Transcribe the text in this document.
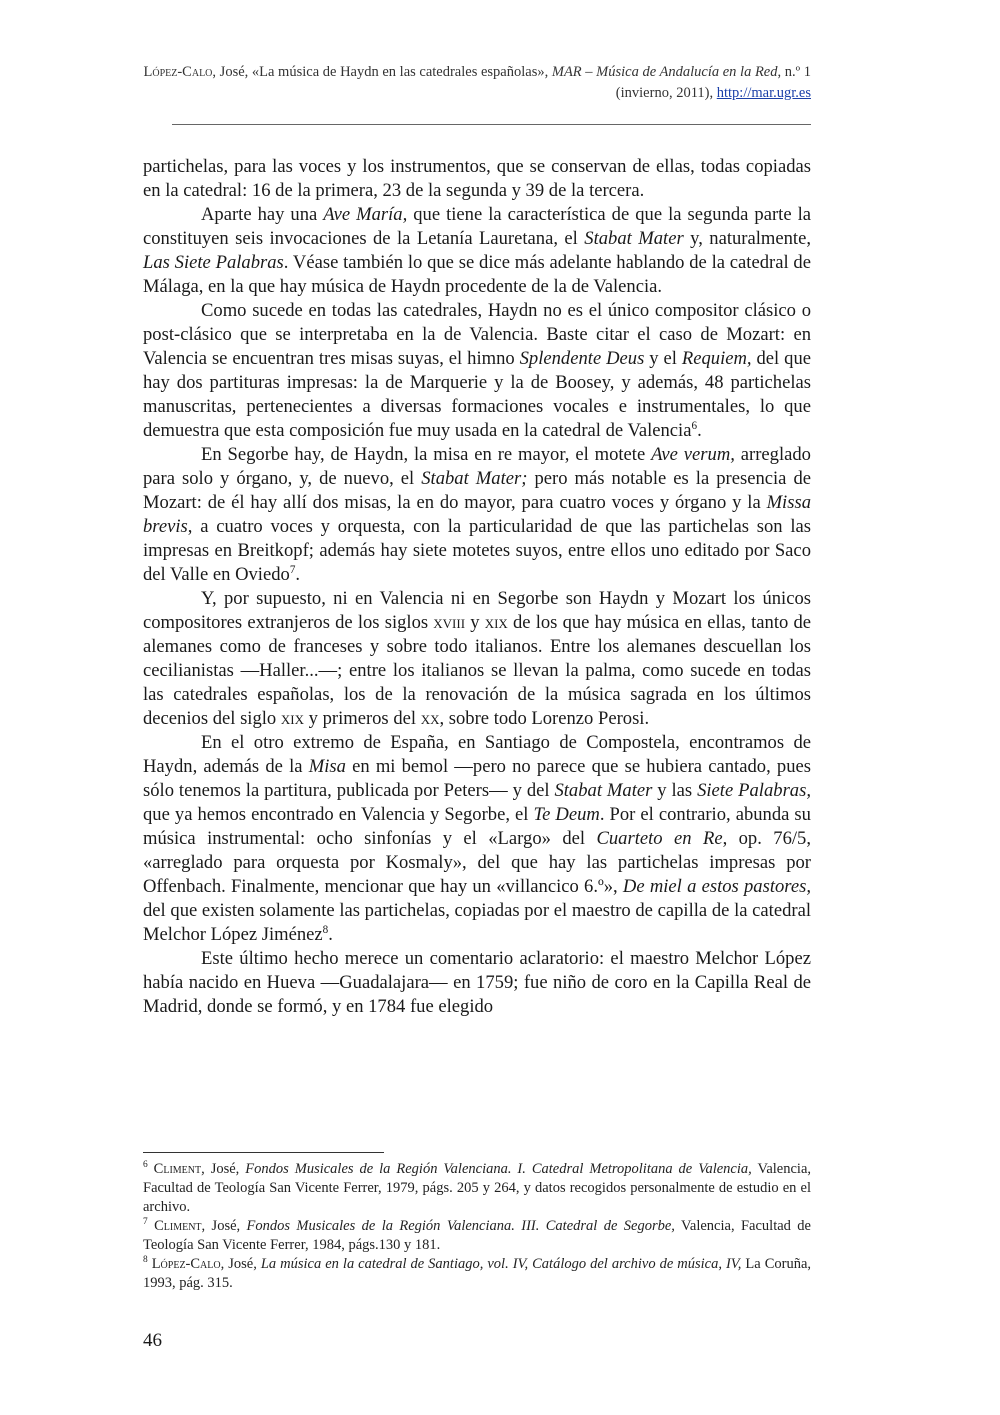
López-Calo, José, «La música de Haydn en las catedrales españolas», MAR – Música de Andalucía en la Red, n.º 1 (invierno, 2011), http://mar.ugr.es

partichelas, para las voces y los instrumentos, que se conservan de ellas, todas copiadas en la catedral: 16 de la primera, 23 de la segunda y 39 de la tercera.

Aparte hay una Ave María, que tiene la característica de que la segunda parte la constituyen seis invocaciones de la Letanía Lauretana, el Stabat Mater y, naturalmente, Las Siete Palabras. Véase también lo que se dice más adelante hablando de la catedral de Málaga, en la que hay música de Haydn procedente de la de Valencia.

Como sucede en todas las catedrales, Haydn no es el único compositor clásico o post-clásico que se interpretaba en la de Valencia. Baste citar el caso de Mozart: en Valencia se encuentran tres misas suyas, el himno Splendente Deus y el Requiem, del que hay dos partituras impresas: la de Marquerie y la de Boosey, y además, 48 partichelas manuscritas, pertenecientes a diversas formaciones vocales e instrumentales, lo que demuestra que esta composición fue muy usada en la catedral de Valencia$^6$.

En Segorbe hay, de Haydn, la misa en re mayor, el motete Ave verum, arreglado para solo y órgano, y, de nuevo, el Stabat Mater; pero más notable es la presencia de Mozart: de él hay allí dos misas, la en do mayor, para cuatro voces y órgano y la Missa brevis, a cuatro voces y orquesta, con la particularidad de que las partichelas son las impresas en Breitkopf; además hay siete motetes suyos, entre ellos uno editado por Saco del Valle en Oviedo$^7$.

Y, por supuesto, ni en Valencia ni en Segorbe son Haydn y Mozart los únicos compositores extranjeros de los siglos xviii y xix de los que hay música en ellas, tanto de alemanes como de franceses y sobre todo italianos. Entre los alemanes descuellan los cecilianistas —Haller...—; entre los italianos se llevan la palma, como sucede en todas las catedrales españolas, los de la renovación de la música sagrada en los últimos decenios del siglo xix y primeros del xx, sobre todo Lorenzo Perosi.

En el otro extremo de España, en Santiago de Compostela, encontramos de Haydn, además de la Misa en mi bemol —pero no parece que se hubiera cantado, pues sólo tenemos la partitura, publicada por Peters— y del Stabat Mater y las Siete Palabras, que ya hemos encontrado en Valencia y Segorbe, el Te Deum. Por el contrario, abunda su música instrumental: ocho sinfonías y el «Largo» del Cuarteto en Re, op. 76/5, «arreglado para orquesta por Kosmaly», del que hay las partichelas impresas por Offenbach. Finalmente, mencionar que hay un «villancico 6.º», De miel a estos pastores, del que existen solamente las partichelas, copiadas por el maestro de capilla de la catedral Melchor López Jiménez$^8$.

Este último hecho merece un comentario aclaratorio: el maestro Melchor López había nacido en Hueva —Guadalajara— en 1759; fue niño de coro en la Capilla Real de Madrid, donde se formó, y en 1784 fue elegido

$^6$ Climent, José, Fondos Musicales de la Región Valenciana. I. Catedral Metropolitana de Valencia, Valencia, Facultad de Teología San Vicente Ferrer, 1979, págs. 205 y 264, y datos recogidos personalmente de estudio en el archivo.

$^7$ Climent, José, Fondos Musicales de la Región Valenciana. III. Catedral de Segorbe, Valencia, Facultad de Teología San Vicente Ferrer, 1984, págs.130 y 181.

$^8$ López-Calo, José, La música en la catedral de Santiago, vol. IV, Catálogo del archivo de música, IV, La Coruña, 1993, pág. 315.

46
